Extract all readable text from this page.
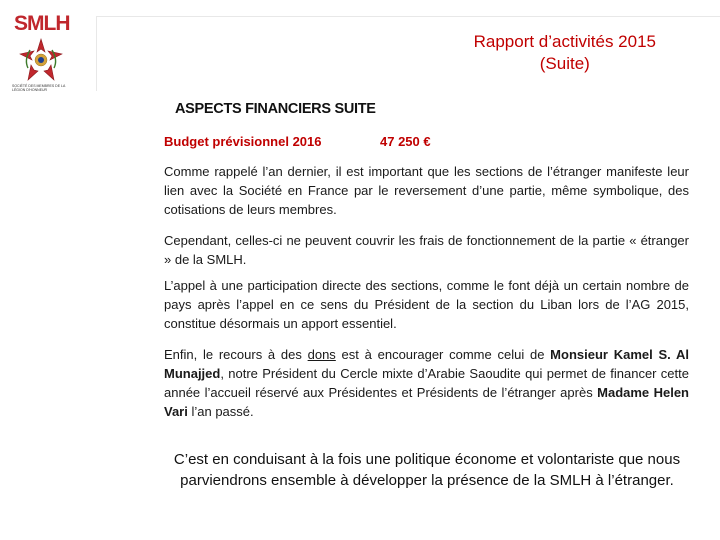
SMLH
SOCIÉTÉ DES MEMBRES DE LA LÉGION D'HONNEUR
Rapport d’activités 2015
(Suite)
ASPECTS FINANCIERS SUITE
Budget prévisionnel 2016	47 250 €
Comme rappelé l’an dernier, il est important que les sections de l’étranger manifeste leur lien avec la Société en France par le reversement d’une partie, même symbolique, des cotisations de leurs membres.
Cependant, celles-ci ne peuvent couvrir les frais de fonctionnement de la partie « étranger » de la SMLH.
L’appel à une participation directe des sections, comme le font déjà un certain nombre de pays après l’appel en ce sens du Président de la section du Liban lors de l’AG 2015, constitue désormais un apport essentiel.
Enfin, le recours à des dons est à encourager comme celui de Monsieur Kamel S. Al Munajjed, notre Président du Cercle mixte d’Arabie Saoudite qui permet de financer cette année l’accueil réservé aux Présidentes et Présidents de l’étranger après Madame Helen Vari l’an passé.
C’est en conduisant à la fois une politique économe et volontariste que nous parviendrons ensemble à développer la présence de la SMLH à l’étranger.
